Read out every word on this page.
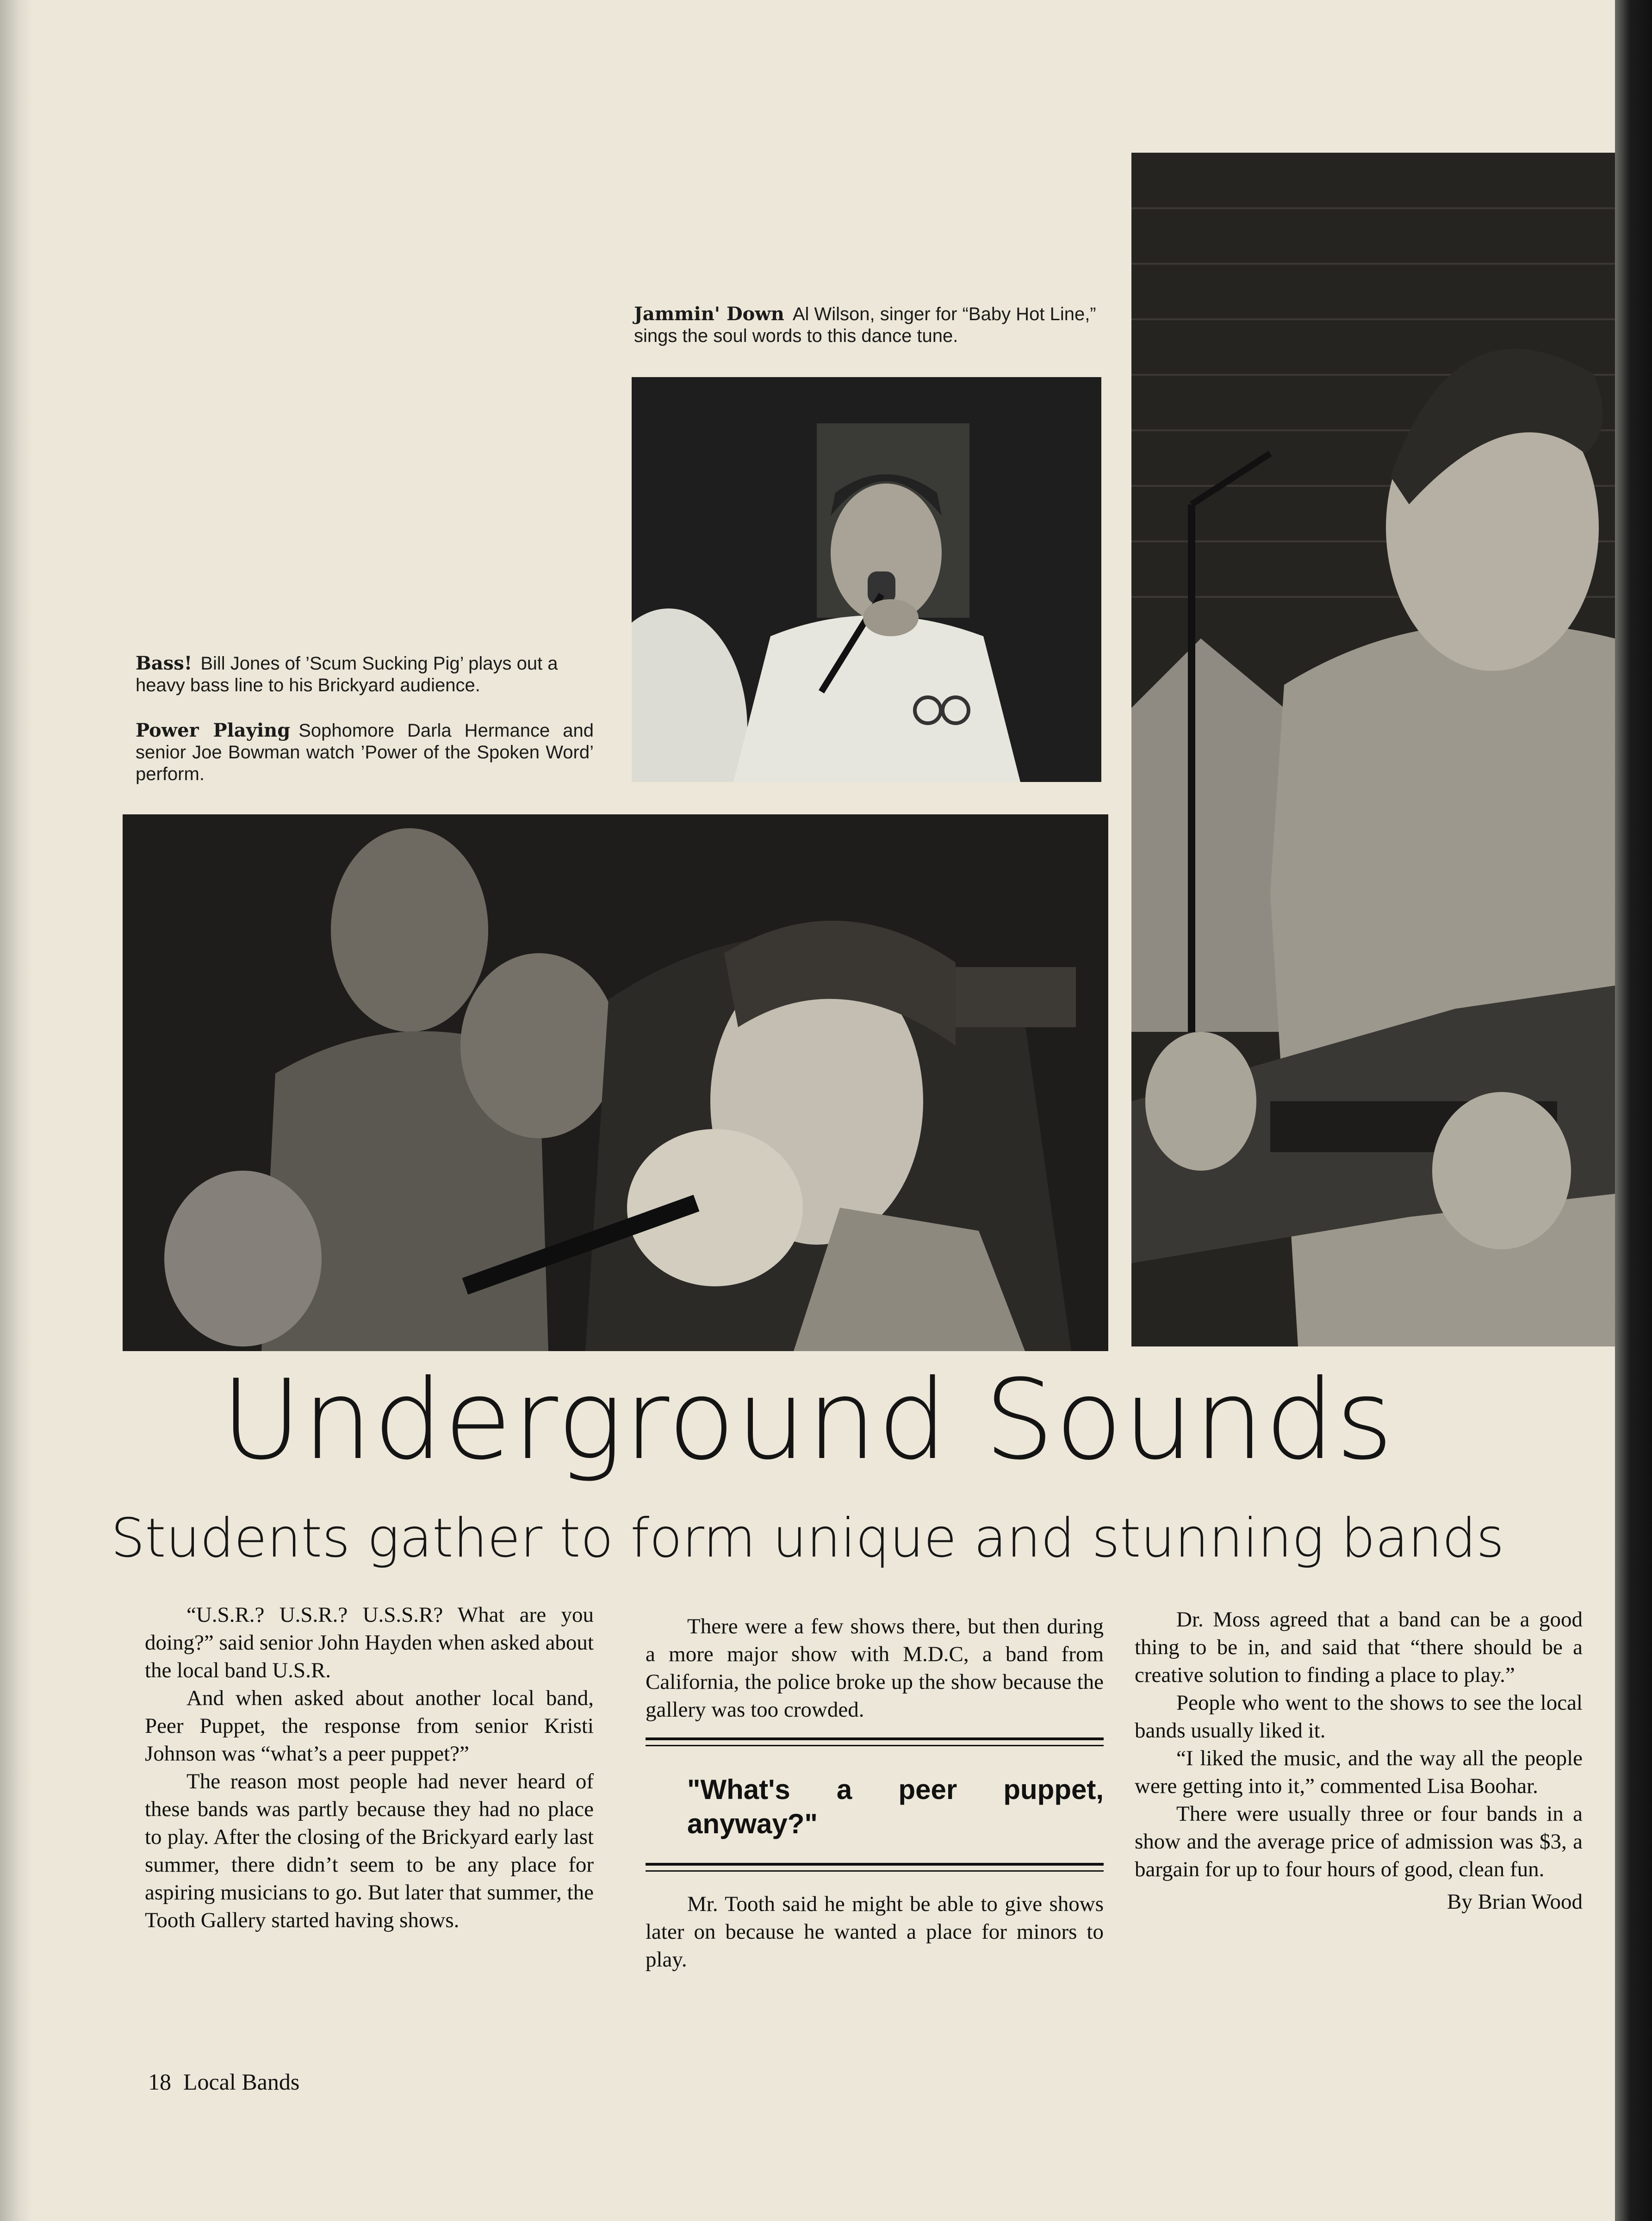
Jammin' Down Al Wilson, singer for “Baby Hot Line,” sings the soul words to this dance tune.
Bass! Bill Jones of ’Scum Sucking Pig’ plays out a heavy bass line to his Brickyard audience.
Power Playing Sophomore Darla Hermance and senior Joe Bowman watch ’Power of the Spoken Word’ perform.
Underground Sounds
Students gather to form unique and stunning bands

“U.S.R.? U.S.R.? U.S.S.R? What are you doing?” said senior John Hayden when asked about the local band U.S.R.

And when asked about another local band, Peer Puppet, the response from senior Kristi Johnson was “what’s a peer puppet?”

The reason most people had never heard of these bands was partly because they had no place to play. After the closing of the Brickyard early last summer, there didn’t seem to be any place for aspiring musicians to go. But later that summer, the Tooth Gallery started having shows.

There were a few shows there, but then during a more major show with M.D.C, a band from California, the police broke up the show because the gallery was too crowded.

"What's a peer puppet, anyway?"

Mr. Tooth said he might be able to give shows later on because he wanted a place for minors to play.

Dr. Moss agreed that a band can be a good thing to be in, and said that “there should be a creative solution to finding a place to play.”

People who went to the shows to see the local bands usually liked it.

“I liked the music, and the way all the people were getting into it,” commented Lisa Boohar.

There were usually three or four bands in a show and the average price of admission was $3, a bargain for up to four hours of good, clean fun.

By Brian Wood
18 Local Bands
